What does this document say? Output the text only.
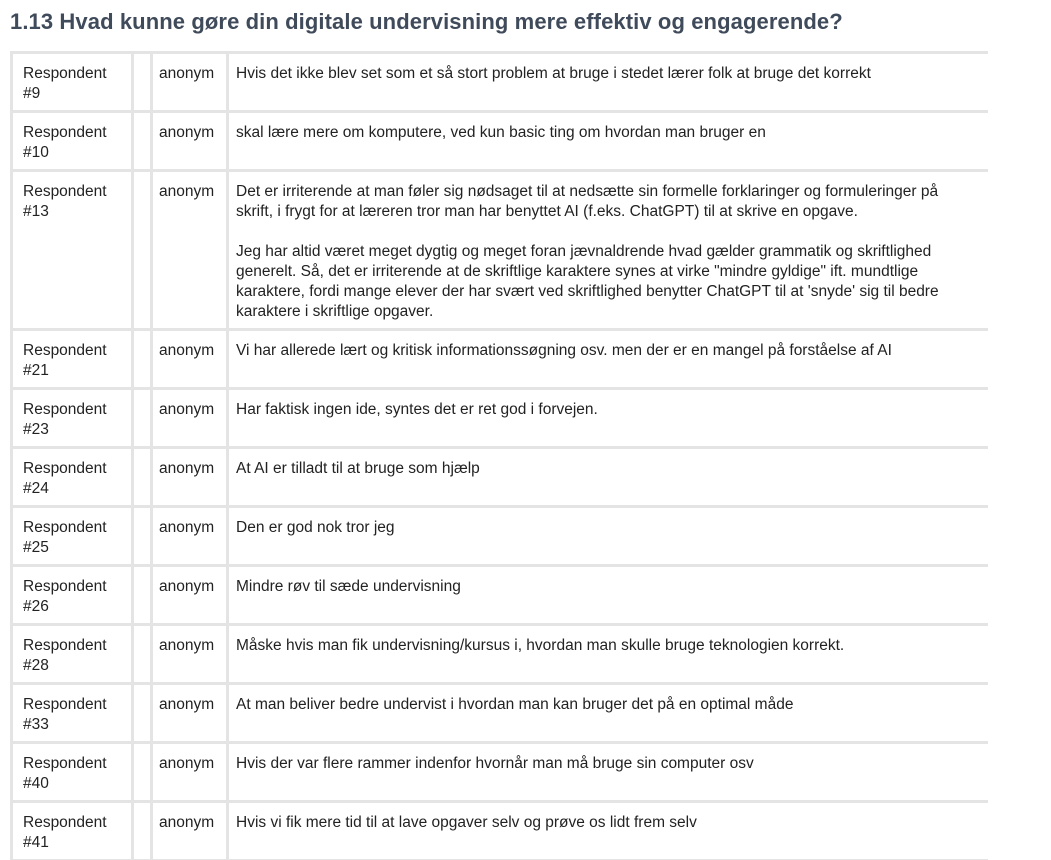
1.13 Hvad kunne gøre din digitale undervisning mere effektiv og engagerende?
Respondent #9		anonym	Hvis det ikke blev set som et så stort problem at bruge i stedet lærer folk at bruge det korrekt

Respondent #10		anonym	skal lære mere om komputere, ved kun basic ting om hvordan man bruger en

Respondent #13		anonym	Det er irriterende at man føler sig nødsaget til at nedsætte sin formelle forklaringer og formuleringer på skrift, i frygt for at læreren tror man har benyttet AI (f.eks. ChatGPT) til at skrive en opgave.
Jeg har altid været meget dygtig og meget foran jævnaldrende hvad gælder grammatik og skriftlighed generelt. Så, det er irriterende at de skriftlige karaktere synes at virke "mindre gyldige" ift. mundtlige karaktere, fordi mange elever der har svært ved skriftlighed benytter ChatGPT til at 'snyde' sig til bedre karaktere i skriftlige opgaver.

Respondent #21		anonym	Vi har allerede lært og kritisk informationssøgning osv. men der er en mangel på forståelse af AI

Respondent #23		anonym	Har faktisk ingen ide, syntes det er ret god i forvejen.

Respondent #24		anonym	At AI er tilladt til at bruge som hjælp

Respondent #25		anonym	Den er god nok tror jeg

Respondent #26		anonym	Mindre røv til sæde undervisning

Respondent #28		anonym	Måske hvis man fik undervisning/kursus i, hvordan man skulle bruge teknologien korrekt.

Respondent #33		anonym	At man beliver bedre undervist i hvordan man kan bruger det på en optimal måde

Respondent #40		anonym	Hvis der var flere rammer indenfor hvornår man må bruge sin computer osv

Respondent #41		anonym	Hvis vi fik mere tid til at lave opgaver selv og prøve os lidt frem selv
